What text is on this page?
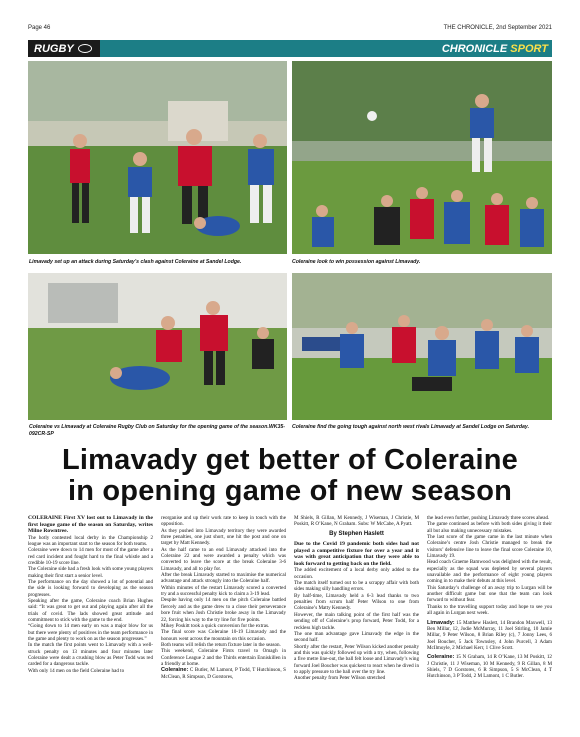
Page 46	THE CHRONICLE, 2nd September 2021
RUGBY	CHRONICLE SPORT
Limavady set up an attack during Saturday’s clash against Coleraine at Sandel Lodge.	Coleraine look to win possession against Limavady.
Coleraine vs Limavady at Coleraine Rugby Club on Saturday for the opening game of the season.WK35-092CR-SP
Coleraine find the going tough against north west rivals Limavady at Sandel Lodge on Saturday.
Limavady get better of Coleraine
in opening game of new season

COLERAINE First XV lost out to Limavady in the first league game of the season on Saturday, writes Milne Rowntree.

The hotly contested local derby in the Championship 2 league was an important start to the season for both teams.

Coleraine were down to 14 men for most of the game after a red card incident and fought hard to the final whistle and a credible 10-19 score line.

The Coleraine side had a fresh look with some young players making their first start a senior level.

The performance on the day showed a lot of potential and the side is looking forward to developing as the season progresses.

Speaking after the game, Coleraine coach Brian Hughes said: “It was great to get out and playing again after all the trials of covid. The lads showed great attitude and commitment to stick with the game to the end.

“Going down to 14 men early on was a major blow for us but there were plenty of positives in the team performance in the game and plenty to work on as the season progresses.”

In the match the first points went to Limavady with a well-struck penalty on 13 minutes and four minutes later Coleraine were dealt a crushing blow as Peter Todd was red carded for a dangerous tackle.

With only 14 men on the field Coleraine had to

reorganise and up their work rate to keep in touch with the opposition.

As they pushed into Limavady territory they were awarded three penalties, one just short, one hit the post and one on target by Matt Kennedy.

As the half came to an end Limavady attacked into the Coleraine 22 and were awarded a penalty which was converted to leave the score at the break Coleraine 3-6 Limavady, and all to play for.

After the break Limavady started to maximise the numerical advantage and attack strongly into the Coleraine half.

Within minutes of the restart Limavady scored a converted try and a successful penalty kick to claim a 3-19 lead.

Despite having only 14 men on the pitch Coleraine battled fiercely and as the game drew to a close their perseverance bore fruit when Josh Christie broke away in the Limavady 22, forcing his way to the try line for five points.

Mikey Poskitt took a quick conversion for the extras.

The final score was Coleraine 10-19 Limavady and the honours went across the mountain on this occasion.

Both teams will relish the return fixture later in the season.

This weekend, Coleraine Firsts travel to Omagh in Conference League 2 and the Thirds entertain Enniskillen in a friendly at home.

Coleraine: C Butler, M Lamont, P Todd, T Hutchinson, S McClean, R Simpson, D Gorstores,

M Shiels, R Gillan, M Kennedy, J Wiseman, J Christie, M Poskitt, R O’Kane, N Graham. Subs: W McCabe, A Pyatt.

By Stephen Haslett

Due to the Covid 19 pandemic both sides had not played a competitive fixture for over a year and it was with great anticipation that they were able to look forward to getting back on the field.

The added excitement of a local derby only added to the occasion.

The match itself turned out to be a scrappy affair with both sides making silly handling errors.

By half-time, Limavady held a 6-3 lead thanks to two penalties from scrum half Peter Wilson to one from Coleraine’s Matty Kennedy.

However, the main talking point of the first half was the sending off of Coleraine’s prop forward, Peter Todd, for a reckless high tackle.

The one man advantage gave Limavady the edge in the second half.

Shortly after the restart, Peter Wilson kicked another penalty and this was quickly followed up with a try, when, following a five metre line-out, the ball felt loose and Limavady’s wing forward Joel Boucher was quickest to react when he dived in to apply pressure to the ball over the try line.

Another penalty from Peter Wilson stretched

the lead even further, pushing Limavady three scores ahead.

The game continued as before with both sides giving it their all but also making unnecessary mistakes.

The last score of the game came in the last minute when Coleraine’s centre Josh Christie managed to break the visitors’ defensive line to leave the final score Coleraine 10, Limavady 19.

Head coach Graeme Bamwood was delighted with the result, especially as the squad was depleted by several players unavailable and the performance of eight young players coming in to make their debuts at this level.

This Saturday’s challenge of an away trip to Lurgan will be another difficult game but one that the team can look forward to without fear.

Thanks to the travelling support today and hope to see you all again in Lurgan next week.

Limavady: 15 Matthew Haslett, 14 Brandon Maxwell, 13 Ben Millar, 12, Jodie McMurray, 11 Joel Stirling, 10 Jamie Millar, 9 Peter Wilson, 8 Brian Riley (c), 7 Jonny Lees, 6 Joel Boucher, 5 Jack Townsley, 4 John Purcell, 3 Adam McIlmoyle, 2 Michael Kerr, 1 Clive Scott.

Coleraine: 15 N Graham, 14 R O’Kane, 13 M Poskitt, 12 J Christie, 11 J Wiseman, 10 M Kennedy, 9 R Gillan, 8 M Shiels, 7 D Gorstores, 6 R Simpson, 5 S McClean, 4 T Hutchinson, 3 P Todd, 2 M Lamont, 1 C Butler.
